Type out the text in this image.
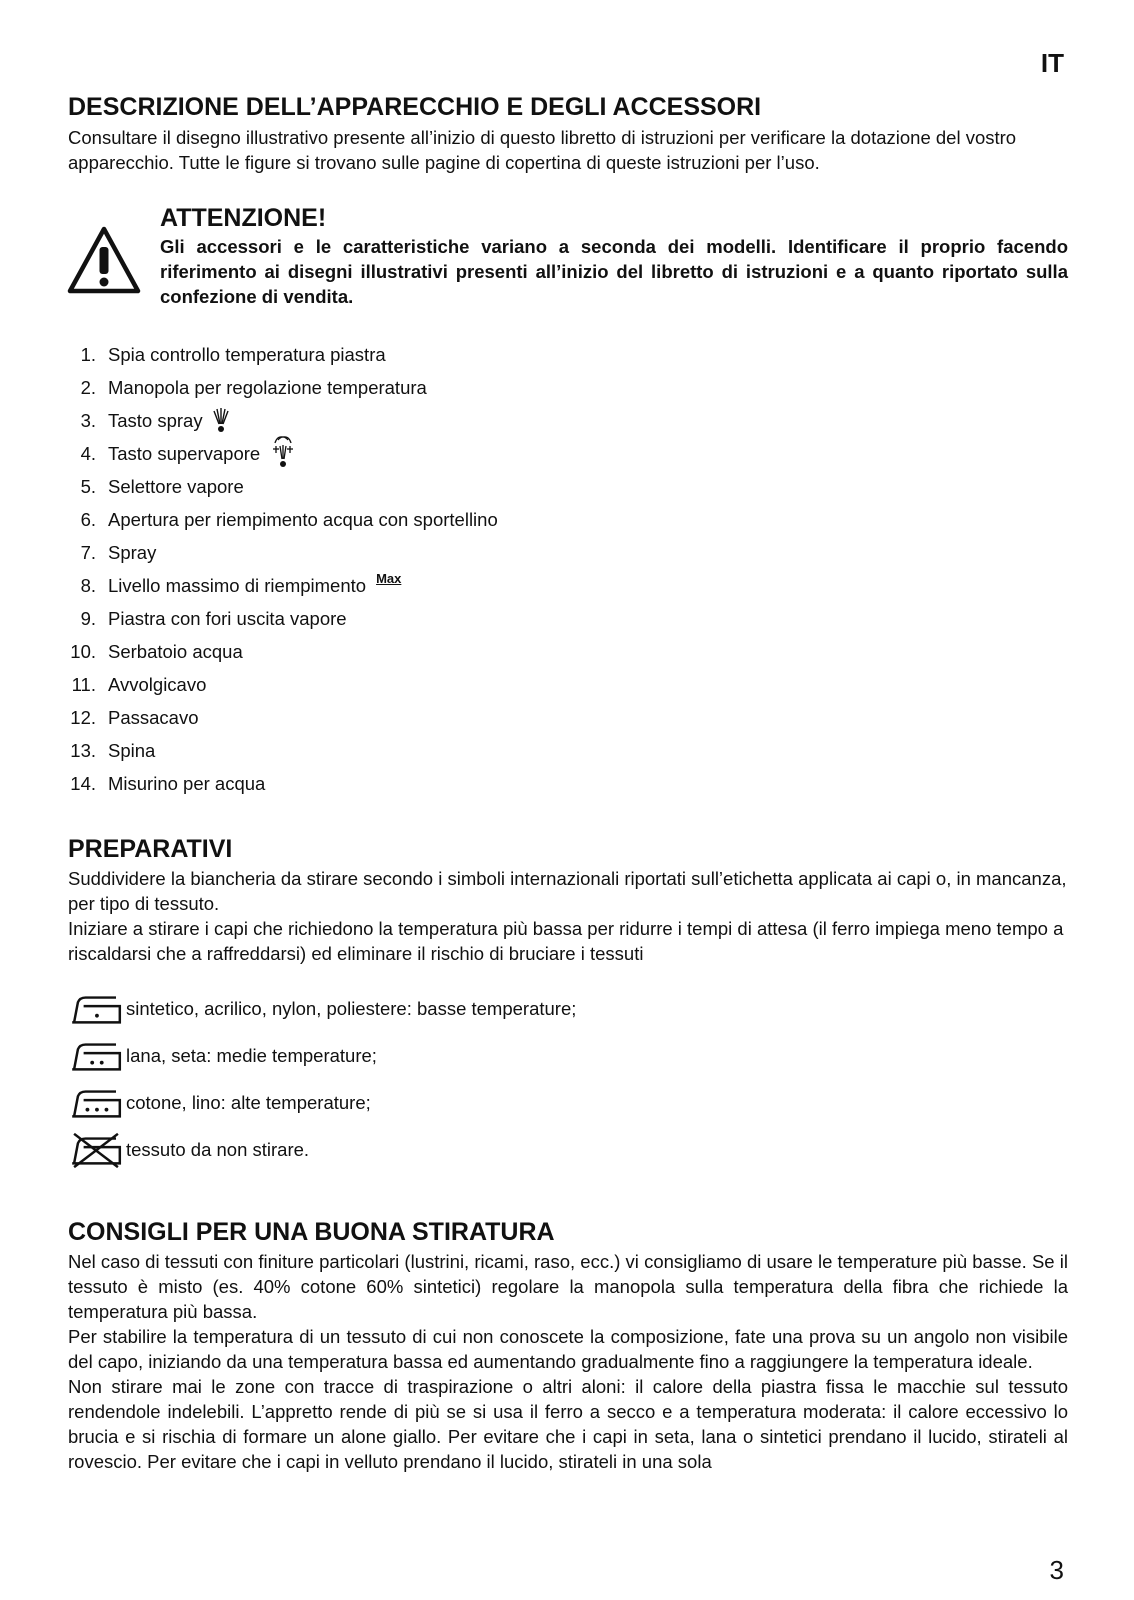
IT
DESCRIZIONE DELL’APPARECCHIO E DEGLI ACCESSORI

Consultare il disegno illustrativo presente all’inizio di questo libretto di istruzioni per verificare la dotazione del vostro apparecchio. Tutte le figure si trovano sulle pagine di copertina di queste istruzioni per l’uso.

ATTENZIONE!

Gli accessori e le caratteristiche variano a seconda dei modelli. Identificare il proprio facendo riferimento ai disegni illustrativi presenti all’inizio del libretto di istruzioni e a quanto riportato sulla confezione di vendita.

1. Spia controllo temperatura piastra
2. Manopola per regolazione temperatura
3. Tasto spray
4. Tasto supervapore
5. Selettore vapore
6. Apertura per riempimento acqua con sportellino
7. Spray
8. Livello massimo di riempimento Max
9. Piastra con fori uscita vapore
10. Serbatoio acqua
11. Avvolgicavo
12. Passacavo
13. Spina
14. Misurino per acqua
PREPARATIVI

Suddividere la biancheria da stirare secondo i simboli internazionali riportati sull’etichetta applicata ai capi o, in mancanza, per tipo di tessuto.
Iniziare a stirare i capi che richiedono la temperatura più bassa per ridurre i tempi di attesa (il ferro impiega meno tempo a riscaldarsi che a raffreddarsi) ed eliminare il rischio di bruciare i tessuti

sintetico, acrilico, nylon, poliestere: basse temperature;
lana, seta: medie temperature;
cotone, lino: alte temperature;
tessuto da non stirare.
CONSIGLI PER UNA BUONA STIRATURA

Nel caso di tessuti con finiture particolari (lustrini, ricami, raso, ecc.) vi consigliamo di usare le temperature più basse. Se il tessuto è misto (es. 40% cotone 60% sintetici) regolare la manopola sulla temperatura della fibra che richiede la temperatura più bassa.
Per stabilire la temperatura di un tessuto di cui non conoscete la composizione, fate una prova su un angolo non visibile del capo, iniziando da una temperatura bassa ed aumentando gradualmente fino a raggiungere la temperatura ideale.
Non stirare mai le zone con tracce di traspirazione o altri aloni: il calore della piastra fissa le macchie sul tessuto rendendole indelebili. L’appretto rende di più se si usa il ferro a secco e a temperatura moderata: il calore eccessivo lo brucia e si rischia di formare un alone giallo. Per evitare che i capi in seta, lana o sintetici prendano il lucido, stirateli al rovescio. Per evitare che i capi in velluto prendano il lucido, stirateli in una sola

3
